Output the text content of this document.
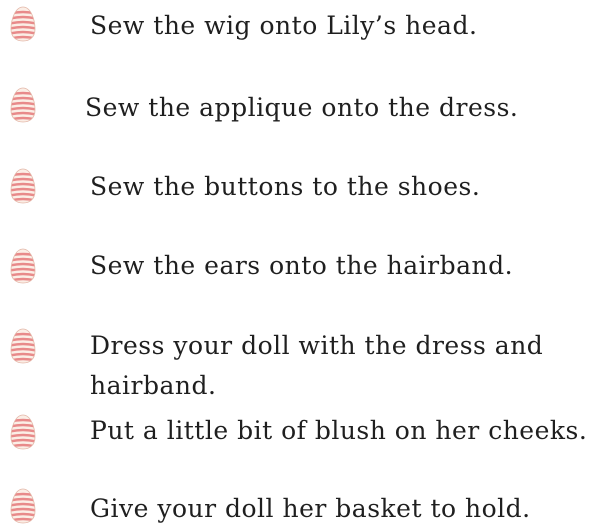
Sew the wig onto Lily’s head.
Sew the applique onto the dress.
Sew the buttons to the shoes.
Sew the ears onto the hairband.
Dress your doll with the dress and
hairband.
Put a little bit of blush on her cheeks.
Give your doll her basket to hold.
